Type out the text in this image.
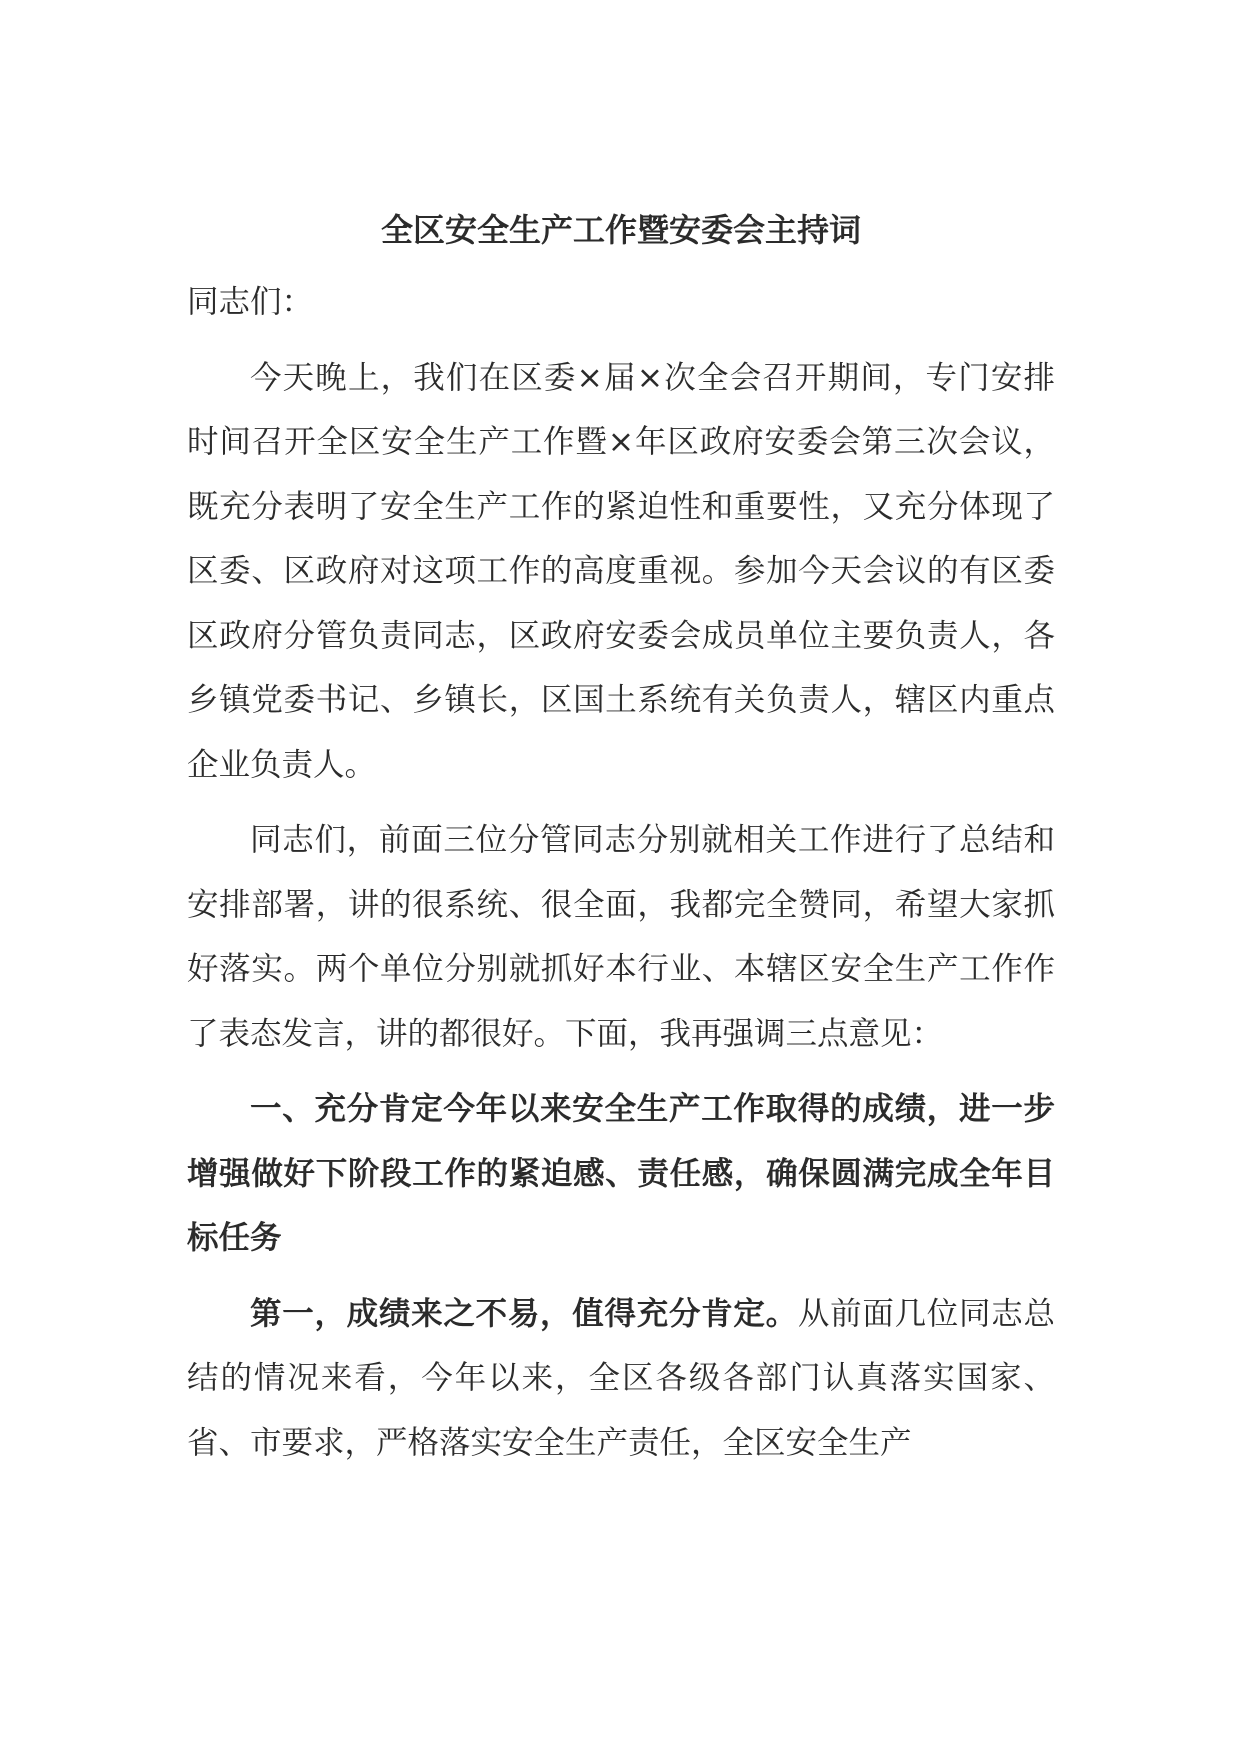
全区安全生产工作暨安委会主持词

同志们：

今天晚上，我们在区委×届×次全会召开期间，专门安排时间召开全区安全生产工作暨×年区政府安委会第三次会议，既充分表明了安全生产工作的紧迫性和重要性，又充分体现了区委、区政府对这项工作的高度重视。参加今天会议的有区委区政府分管负责同志，区政府安委会成员单位主要负责人，各乡镇党委书记、乡镇长，区国土系统有关负责人，辖区内重点企业负责人。

同志们，前面三位分管同志分别就相关工作进行了总结和安排部署，讲的很系统、很全面，我都完全赞同，希望大家抓好落实。两个单位分别就抓好本行业、本辖区安全生产工作作了表态发言，讲的都很好。下面，我再强调三点意见：

一、充分肯定今年以来安全生产工作取得的成绩，进一步增强做好下阶段工作的紧迫感、责任感，确保圆满完成全年目标任务

第一，成绩来之不易，值得充分肯定。从前面几位同志总结的情况来看，今年以来，全区各级各部门认真落实国家、省、市要求，严格落实安全生产责任，全区安全生产
